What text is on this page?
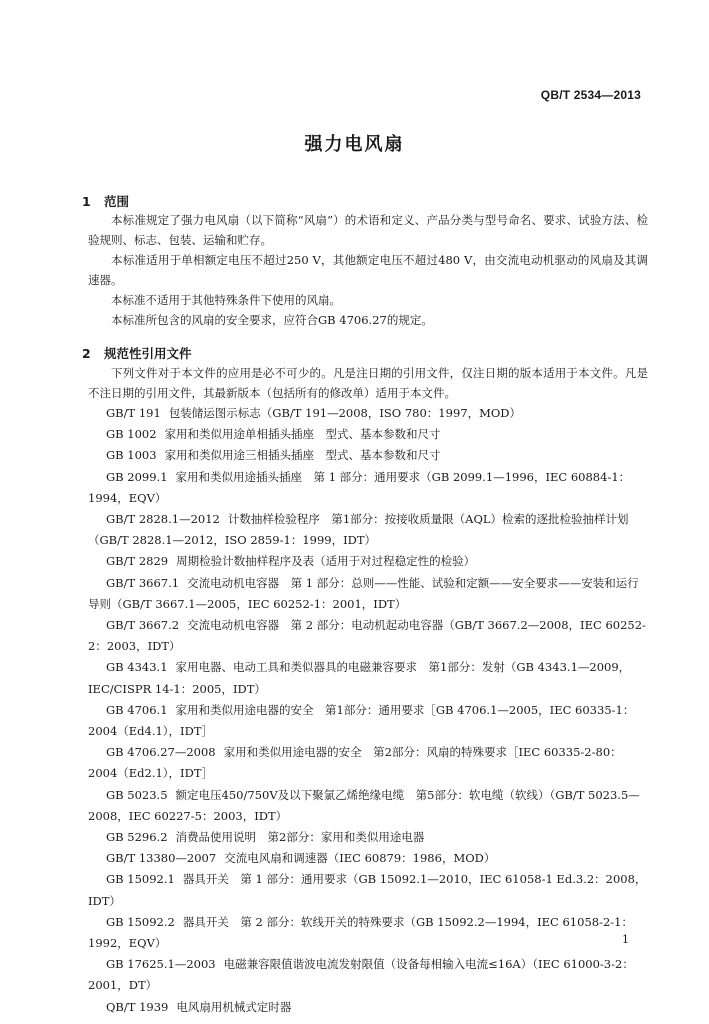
QB/T 2534—2013
强力电风扇
1 范围
本标准规定了强力电风扇（以下简称“风扇”）的术语和定义、产品分类与型号命名、要求、试验方法、检验规则、标志、包装、运输和贮存。
本标准适用于单相额定电压不超过250 V，其他额定电压不超过480 V，由交流电动机驱动的风扇及其调速器。
本标准不适用于其他特殊条件下使用的风扇。
本标准所包含的风扇的安全要求，应符合GB 4706.27的规定。
2 规范性引用文件
下列文件对于本文件的应用是必不可少的。凡是注日期的引用文件，仅注日期的版本适用于本文件。凡是不注日期的引用文件，其最新版本（包括所有的修改单）适用于本文件。

GB/T 191 包装储运图示标志（GB/T 191—2008，ISO 780：1997，MOD）

GB 1002 家用和类似用途单相插头插座　型式、基本参数和尺寸

GB 1003 家用和类似用途三相插头插座　型式、基本参数和尺寸

GB 2099.1 家用和类似用途插头插座　第 1 部分：通用要求（GB 2099.1—1996，IEC 60884-1：1994，EQV）

GB/T 2828.1—2012 计数抽样检验程序　第1部分：按接收质量限（AQL）检索的逐批检验抽样计划（GB/T 2828.1—2012，ISO 2859-1：1999，IDT）

GB/T 2829 周期检验计数抽样程序及表（适用于对过程稳定性的检验）

GB/T 3667.1 交流电动机电容器　第 1 部分：总则——性能、试验和定额——安全要求——安装和运行导则（GB/T 3667.1—2005，IEC 60252-1：2001，IDT）

GB/T 3667.2 交流电动机电容器　第 2 部分：电动机起动电容器（GB/T 3667.2—2008，IEC 60252-2：2003，IDT）

GB 4343.1 家用电器、电动工具和类似器具的电磁兼容要求　第1部分：发射（GB 4343.1—2009，IEC/CISPR 14-1：2005，IDT）

GB 4706.1 家用和类似用途电器的安全　第1部分：通用要求［GB 4706.1—2005，IEC 60335-1：2004（Ed4.1），IDT］

GB 4706.27—2008 家用和类似用途电器的安全　第2部分：风扇的特殊要求［IEC 60335-2-80：2004（Ed2.1），IDT］

GB 5023.5 额定电压450/750V及以下聚氯乙烯绝缘电缆　第5部分：软电缆（软线）（GB/T 5023.5—2008，IEC 60227-5：2003，IDT）

GB 5296.2 消费品使用说明　第2部分：家用和类似用途电器

GB/T 13380—2007 交流电风扇和调速器（IEC 60879：1986，MOD）

GB 15092.1 器具开关　第 1 部分：通用要求（GB 15092.1—2010，IEC 61058-1 Ed.3.2：2008，IDT）

GB 15092.2 器具开关　第 2 部分：软线开关的特殊要求（GB 15092.2—1994，IEC 61058-2-1：1992，EQV）

GB 17625.1—2003 电磁兼容限值谐波电流发射限值（设备每相输入电流≤16A）（IEC 61000-3-2：2001，DT）

QB/T 1939 电风扇用机械式定时器

1
